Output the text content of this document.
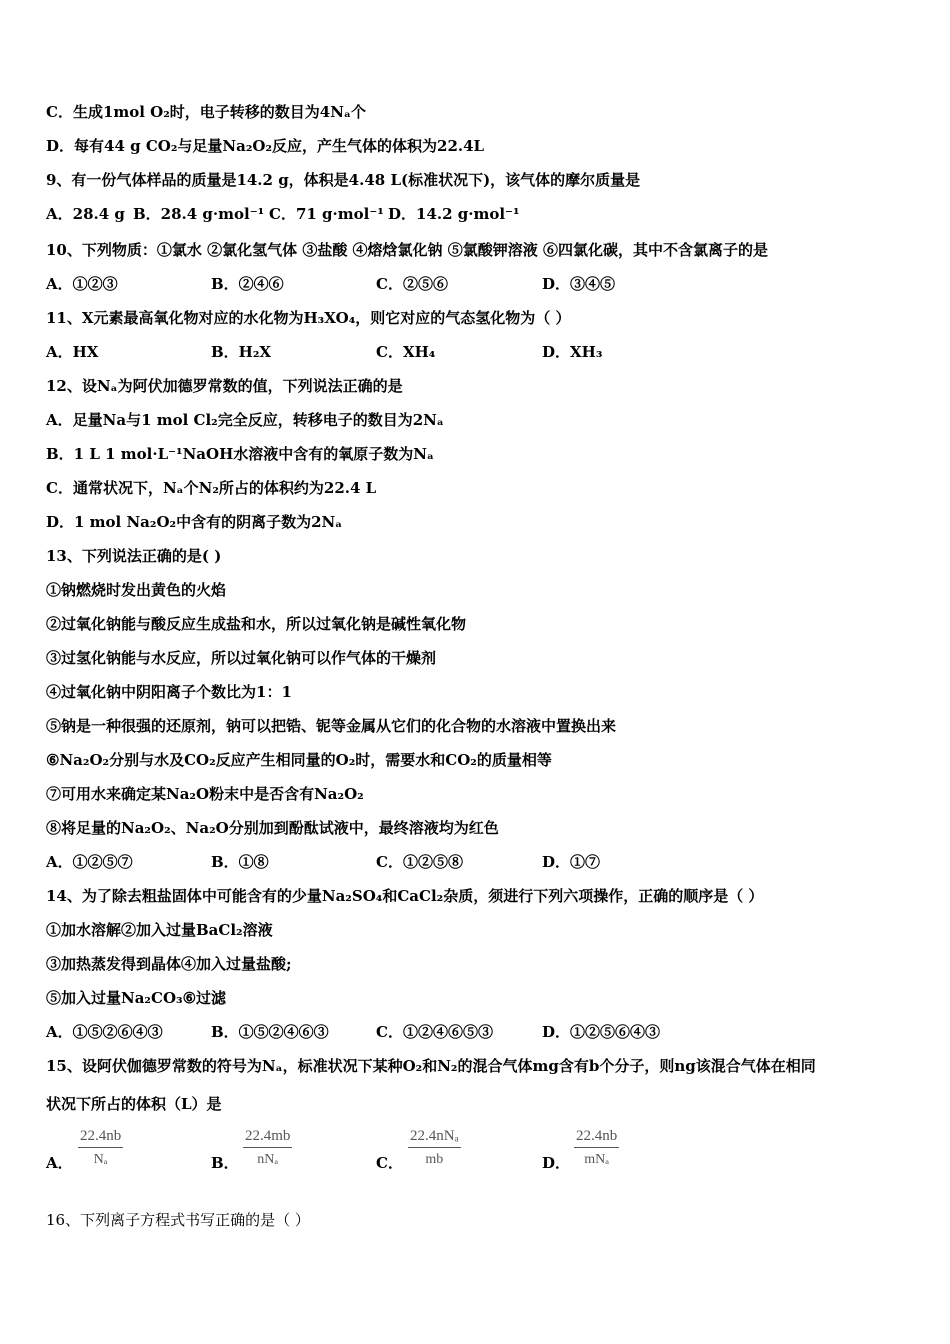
C．生成1mol O₂时，电子转移的数目为4Nₐ个
D．每有44 g CO₂与足量Na₂O₂反应，产生气体的体积为22.4L
9、有一份气体样品的质量是14.2 g，体积是4.48 L(标准状况下)，该气体的摩尔质量是
A．28.4 g B．28.4 g·mol⁻¹ C．71 g·mol⁻¹ D．14.2 g·mol⁻¹
10、下列物质：①氯水 ②氯化氢气体 ③盐酸 ④熔焓氯化钠 ⑤氯酸钾溶液 ⑥四氯化碳，其中不含氯离子的是
A．①②③	B．②④⑥	C．②⑤⑥	D．③④⑤
11、X元素最高氧化物对应的水化物为H₃XO₄，则它对应的气态氢化物为（ ）
A．HX	B．H₂X	C．XH₄	D．XH₃
12、设Nₐ为阿伏加德罗常数的值，下列说法正确的是
A．足量Na与1 mol Cl₂完全反应，转移电子的数目为2Nₐ
B．1 L 1 mol·L⁻¹NaOH水溶液中含有的氧原子数为Nₐ
C．通常状况下，Nₐ个N₂所占的体积约为22.4 L
D．1 mol Na₂O₂中含有的阴离子数为2Nₐ
13、下列说法正确的是( )
①钠燃烧时发出黄色的火焰
②过氧化钠能与酸反应生成盐和水，所以过氧化钠是碱性氧化物
③过氢化钠能与水反应，所以过氧化钠可以作气体的干燥剂
④过氧化钠中阴阳离子个数比为1：1
⑤钠是一种很强的还原剂，钠可以把锆、铌等金属从它们的化合物的水溶液中置换出来
⑥Na₂O₂分别与水及CO₂反应产生相同量的O₂时，需要水和CO₂的质量相等
⑦可用水来确定某Na₂O粉末中是否含有Na₂O₂
⑧将足量的Na₂O₂、Na₂O分别加到酚酞试液中，最终溶液均为红色
A．①②⑤⑦	B．①⑧	C．①②⑤⑧	D．①⑦
14、为了除去粗盐固体中可能含有的少量Na₂SO₄和CaCl₂杂质，须进行下列六项操作，正确的顺序是（ ）
①加水溶解②加入过量BaCl₂溶液
③加热蒸发得到晶体④加入过量盐酸;
⑤加入过量Na₂CO₃⑥过滤
A．①⑤②⑥④③	B．①⑤②④⑥③	C．①②④⑥⑤③	D．①②⑤⑥④③
15、设阿伏伽德罗常数的符号为Nₐ，标准状况下某种O₂和N₂的混合气体mg含有b个分子，则ng该混合气体在相同
状况下所占的体积（L）是
A． $\frac{22.4nb}{\text{Nₐ}}$	B．
22.4mb
nNₐ	C．
22.4nNₐ
mb	D．
22.4nb
mNₐ
16、下列离子方程式书写正确的是（ ）
